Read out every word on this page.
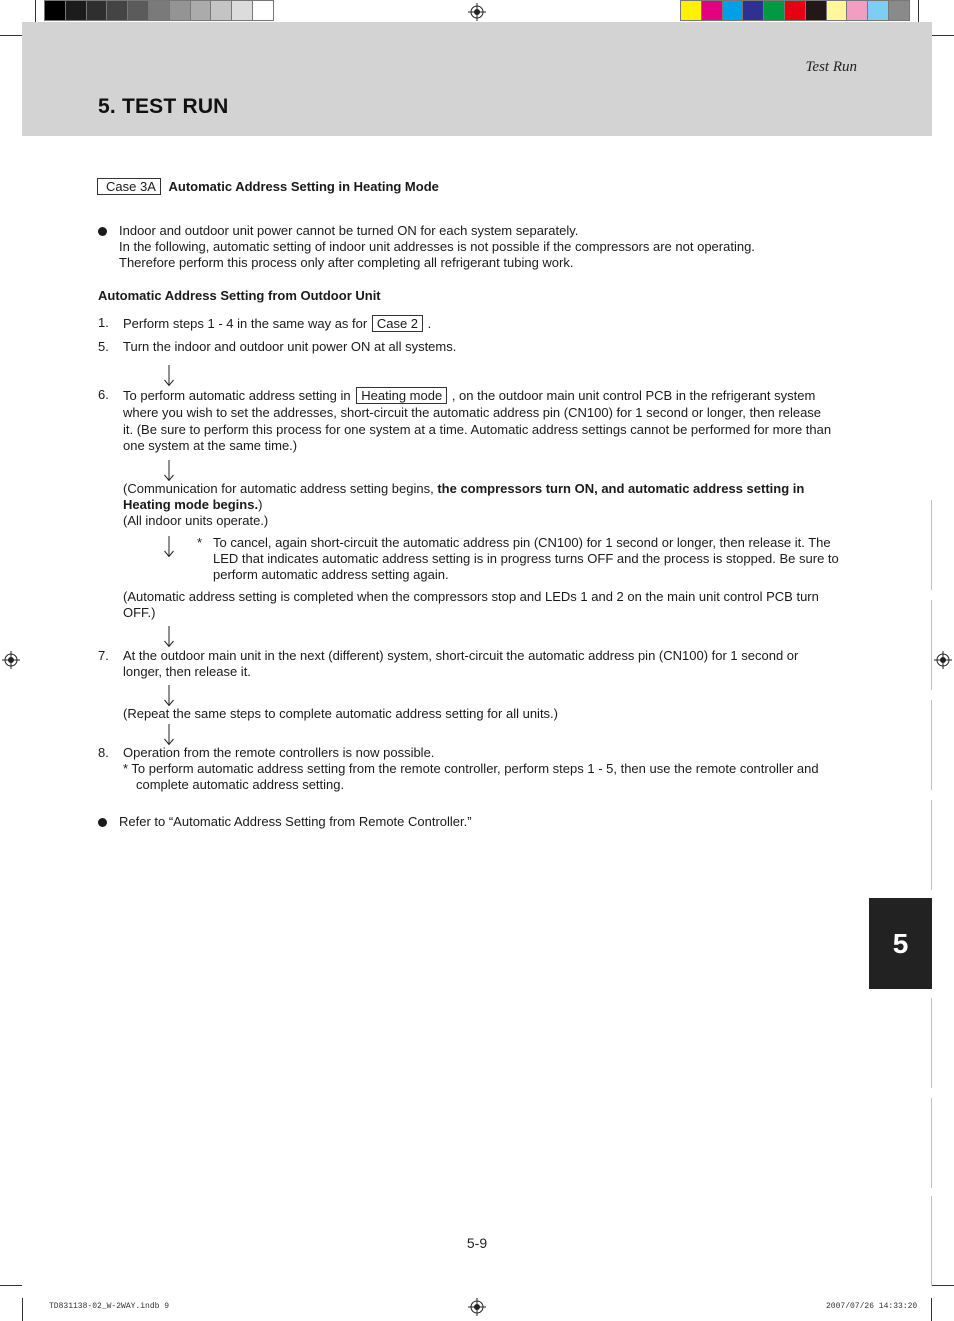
Test Run
5. TEST RUN
Case 3A Automatic Address Setting in Heating Mode
Indoor and outdoor unit power cannot be turned ON for each system separately.
In the following, automatic setting of indoor unit addresses is not possible if the compressors are not operating.
Therefore perform this process only after completing all refrigerant tubing work.
Automatic Address Setting from Outdoor Unit
1. Perform steps 1 - 4 in the same way as for Case 2 .
5. Turn the indoor and outdoor unit power ON at all systems.
6. To perform automatic address setting in Heating mode , on the outdoor main unit control PCB in the refrigerant system
where you wish to set the addresses, short-circuit the automatic address pin (CN100) for 1 second or longer, then release
it. (Be sure to perform this process for one system at a time. Automatic address settings cannot be performed for more than
one system at the same time.)
(Communication for automatic address setting begins, the compressors turn ON, and automatic address setting in
Heating mode begins.)
(All indoor units operate.)
* To cancel, again short-circuit the automatic address pin (CN100) for 1 second or longer, then release it. The
LED that indicates automatic address setting is in progress turns OFF and the process is stopped. Be sure to
perform automatic address setting again.
(Automatic address setting is completed when the compressors stop and LEDs 1 and 2 on the main unit control PCB turn
OFF.)
7. At the outdoor main unit in the next (different) system, short-circuit the automatic address pin (CN100) for 1 second or
longer, then release it.
(Repeat the same steps to complete automatic address setting for all units.)
8. Operation from the remote controllers is now possible.
* To perform automatic address setting from the remote controller, perform steps 1 - 5, then use the remote controller and
complete automatic address setting.
Refer to “Automatic Address Setting from Remote Controller.”
5
5-9
TD831138-02_W-2WAY.indb 9	2007/07/26 14:33:20
